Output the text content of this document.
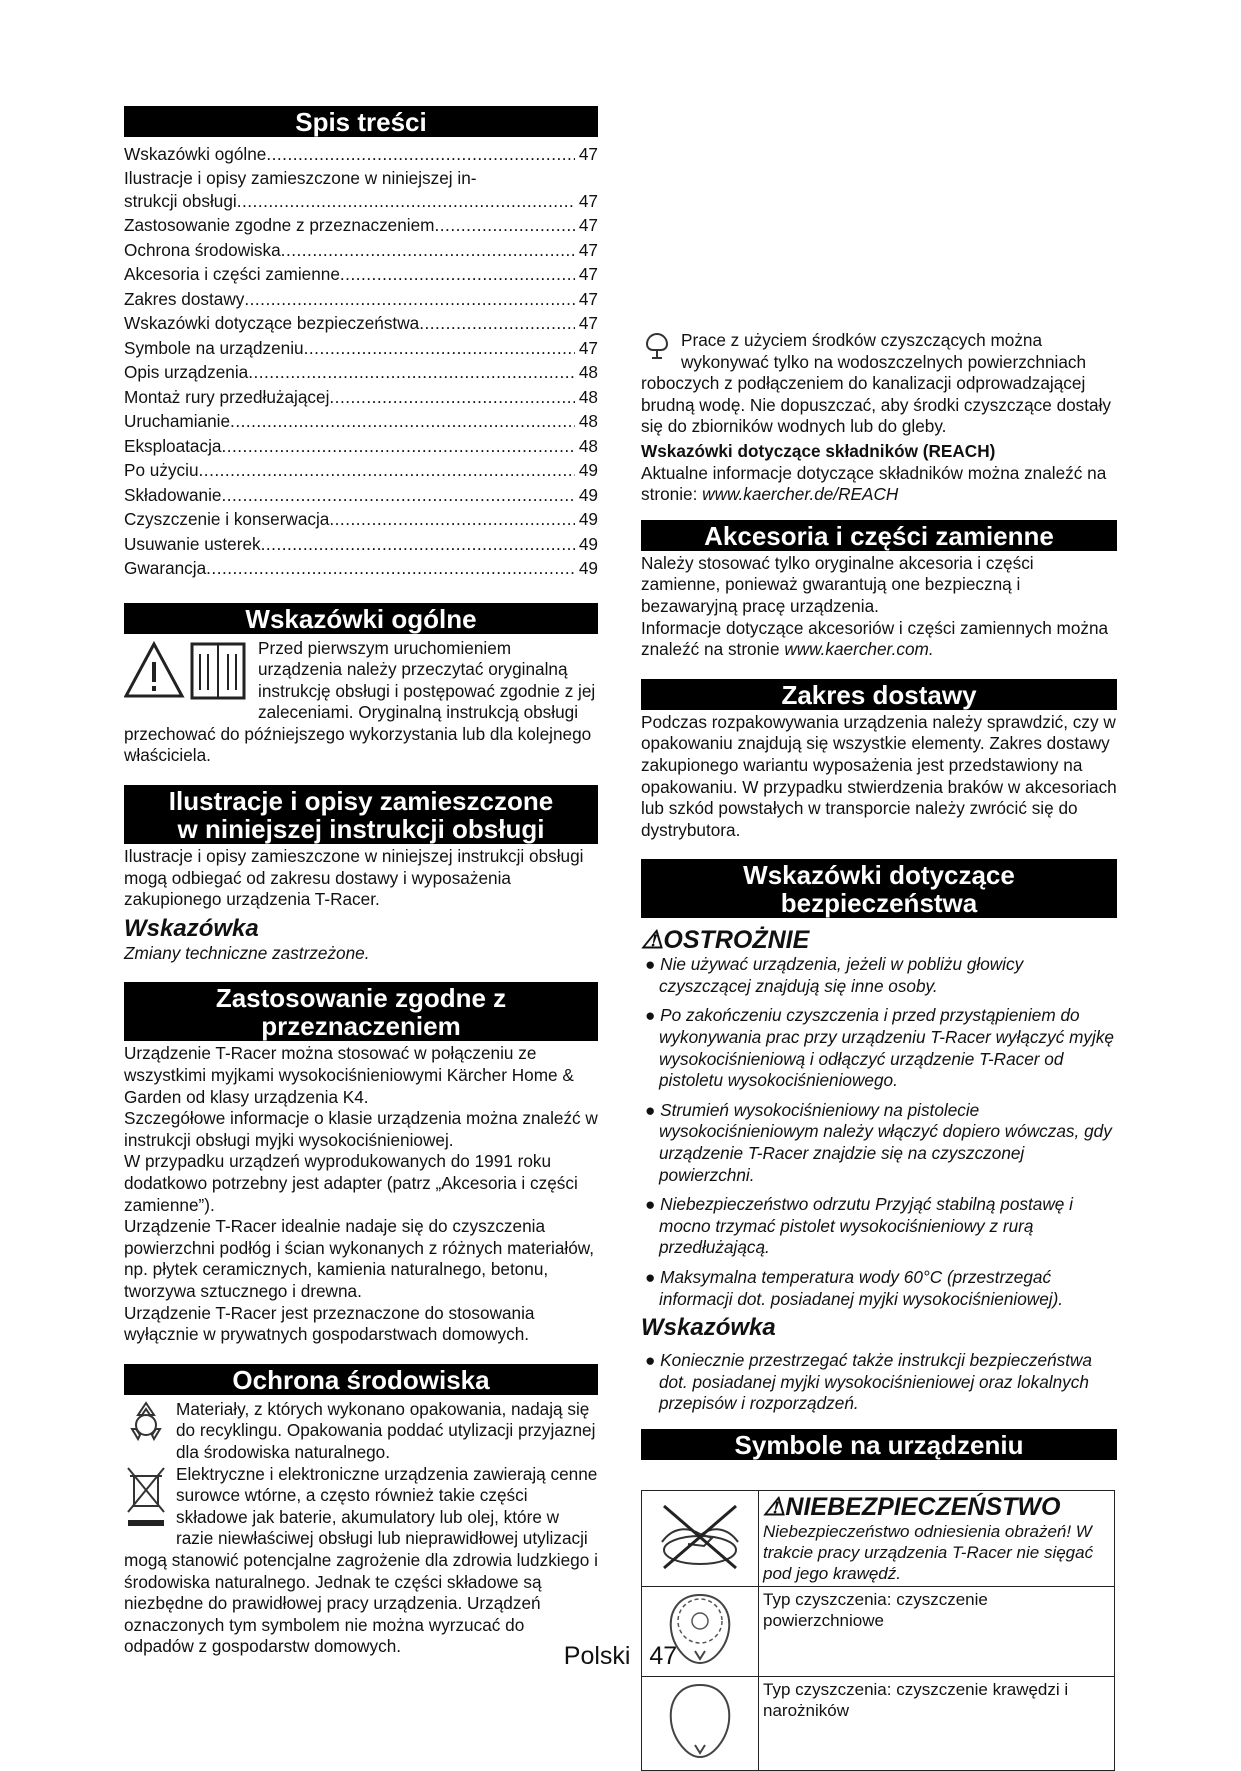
Spis treści
Wskazówki ogólne .....	47
Ilustracje i opisy zamieszczone w niniejszej in-
strukcji obsługi .....	47
Zastosowanie zgodne z przeznaczeniem .....	47
Ochrona środowiska .....	47
Akcesoria i części zamienne .....	47
Zakres dostawy .....	47
Wskazówki dotyczące bezpieczeństwa .....	47
Symbole na urządzeniu .....	47
Opis urządzenia .....	48
Montaż rury przedłużającej .....	48
Uruchamianie .....	48
Eksploatacja .....	48
Po użyciu .....	49
Składowanie .....	49
Czyszczenie i konserwacja .....	49
Usuwanie usterek .....	49
Gwarancja .....	49
Wskazówki ogólne

Przed pierwszym uruchomieniem urządzenia należy przeczytać oryginalną instrukcję obsługi i postępować zgodnie z jej zaleceniami. Oryginalną instrukcją obsługi przechować do późniejszego wykorzystania lub dla kolejnego właściciela.

Ilustracje i opisy zamieszczone
w niniejszej instrukcji obsługi

Ilustracje i opisy zamieszczone w niniejszej instrukcji obsługi mogą odbiegać od zakresu dostawy i wyposażenia zakupionego urządzenia T-Racer.

Wskazówka

Zmiany techniczne zastrzeżone.

Zastosowanie zgodne z
przeznaczeniem

Urządzenie T-Racer można stosować w połączeniu ze wszystkimi myjkami wysokociśnieniowymi Kärcher Home & Garden od klasy urządzenia K4.

Szczegółowe informacje o klasie urządzenia można znaleźć w instrukcji obsługi myjki wysokociśnieniowej.

W przypadku urządzeń wyprodukowanych do 1991 roku dodatkowo potrzebny jest adapter (patrz „Akcesoria i części zamienne”).

Urządzenie T-Racer idealnie nadaje się do czyszczenia powierzchni podłóg i ścian wykonanych z różnych materiałów, np. płytek ceramicznych, kamienia naturalnego, betonu, tworzywa sztucznego i drewna.

Urządzenie T-Racer jest przeznaczone do stosowania wyłącznie w prywatnych gospodarstwach domowych.

Ochrona środowiska

Materiały, z których wykonano opakowania, nadają się do recyklingu. Opakowania poddać utylizacji przyjaznej dla środowiska naturalnego.

Elektryczne i elektroniczne urządzenia zawierają cenne surowce wtórne, a często również takie części składowe jak baterie, akumulatory lub olej, które w razie niewłaściwej obsługi lub nieprawidłowej utylizacji mogą stanowić potencjalne zagrożenie dla zdrowia ludzkiego i środowiska naturalnego. Jednak te części składowe są niezbędne do prawidłowej pracy urządzenia. Urządzeń oznaczonych tym symbolem nie można wyrzucać do odpadów z gospodarstw domowych.

Prace z użyciem środków czyszczących można wykonywać tylko na wodoszczelnych powierzchniach roboczych z podłączeniem do kanalizacji odprowadzającej brudną wodę. Nie dopuszczać, aby środki czyszczące dostały się do zbiorników wodnych lub do gleby.

Wskazówki dotyczące składników (REACH)

Aktualne informacje dotyczące składników można znaleźć na stronie: www.kaercher.de/REACH

Akcesoria i części zamienne

Należy stosować tylko oryginalne akcesoria i części zamienne, ponieważ gwarantują one bezpieczną i bezawaryjną pracę urządzenia.

Informacje dotyczące akcesoriów i części zamiennych można znaleźć na stronie www.kaercher.com.

Zakres dostawy

Podczas rozpakowywania urządzenia należy sprawdzić, czy w opakowaniu znajdują się wszystkie elementy. Zakres dostawy zakupionego wariantu wyposażenia jest przedstawiony na opakowaniu. W przypadku stwierdzenia braków w akcesoriach lub szkód powstałych w transporcie należy zwrócić się do dystrybutora.

Wskazówki dotyczące
bezpieczeństwa
⚠OSTROŻNIE

● Nie używać urządzenia, jeżeli w pobliżu głowicy czyszczącej znajdują się inne osoby.

● Po zakończeniu czyszczenia i przed przystąpieniem do wykonywania prac przy urządzeniu T-Racer wyłączyć myjkę wysokociśnieniową i odłączyć urządzenie T-Racer od pistoletu wysokociśnieniowego.

● Strumień wysokociśnieniowy na pistolecie wysokociśnieniowym należy włączyć dopiero wówczas, gdy urządzenie T-Racer znajdzie się na czyszczonej powierzchni.

● Niebezpieczeństwo odrzutu Przyjąć stabilną postawę i mocno trzymać pistolet wysokociśnieniowy z rurą przedłużającą.

● Maksymalna temperatura wody 60°C (przestrzegać informacji dot. posiadanej myjki wysokociśnieniowej).

Wskazówka

● Koniecznie przestrzegać także instrukcji bezpieczeństwa dot. posiadanej myjki wysokociśnieniowej oraz lokalnych przepisów i rozporządzeń.

Symbole na urządzeniu

⚠NIEBEZPIECZEŃSTWO

Niebezpieczeństwo odniesienia obrażeń! W trakcie pracy urządzenia T-Racer nie sięgać pod jego krawędź.

Typ czyszczenia: czyszczenie powierzchniowe

Typ czyszczenia: czyszczenie krawędzi i narożników

Polski 47
